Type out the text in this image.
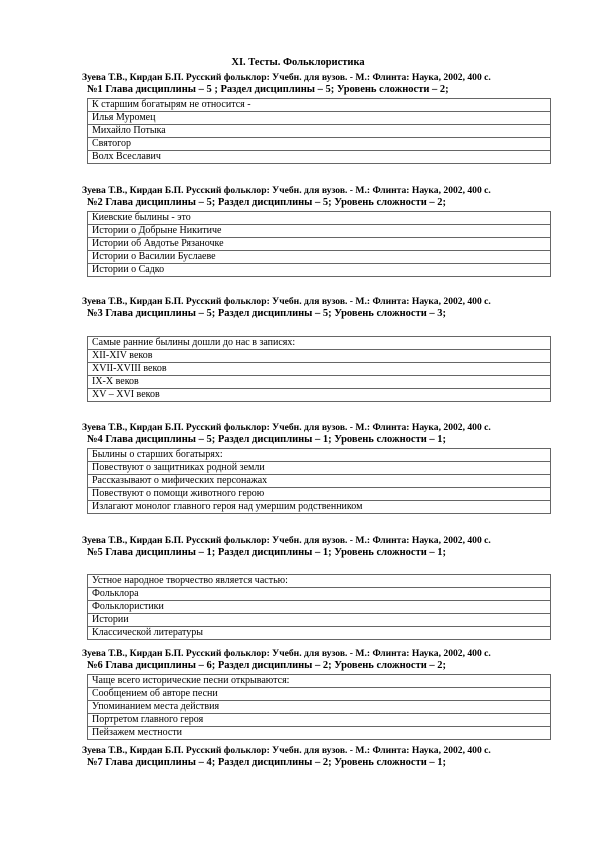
XI. Тесты. Фольклористика
Зуева Т.В., Кирдан Б.П. Русский фольклор: Учебн. для вузов. - М.: Флинта: Наука, 2002, 400 с.
№1 Глава дисциплины – 5 ; Раздел дисциплины – 5; Уровень сложности – 2;
К старшим богатырям не относится -
Илья Муромец
Михайло Потыка
Святогор
Волх Всеславич
Зуева Т.В., Кирдан Б.П. Русский фольклор: Учебн. для вузов. - М.: Флинта: Наука, 2002, 400 с.
№2 Глава дисциплины – 5; Раздел дисциплины – 5; Уровень сложности – 2;
Киевские былины - это
Истории о Добрыне Никитиче
Истории об Авдотье Рязаночке
Истории о Василии Буслаеве
Истории о Садко
Зуева Т.В., Кирдан Б.П. Русский фольклор: Учебн. для вузов. - М.: Флинта: Наука, 2002, 400 с.
№3 Глава дисциплины – 5; Раздел дисциплины – 5; Уровень сложности – 3;
Самые ранние былины дошли до нас в записях:
XII-XIV веков
XVII-XVIII веков
IX-X веков
XV – XVI веков
Зуева Т.В., Кирдан Б.П. Русский фольклор: Учебн. для вузов. - М.: Флинта: Наука, 2002, 400 с.
№4 Глава дисциплины – 5; Раздел дисциплины – 1; Уровень сложности – 1;
Былины о старших богатырях:
Повествуют о защитниках родной земли
Рассказывают о мифических персонажах
Повествуют о помощи животного герою
Излагают монолог главного героя над умершим родственником
Зуева Т.В., Кирдан Б.П. Русский фольклор: Учебн. для вузов. - М.: Флинта: Наука, 2002, 400 с.
№5 Глава дисциплины – 1; Раздел дисциплины – 1; Уровень сложности – 1;
Устное народное творчество является частью:
Фольклора
Фольклористики
Истории
Классической литературы
Зуева Т.В., Кирдан Б.П. Русский фольклор: Учебн. для вузов. - М.: Флинта: Наука, 2002, 400 с.
№6 Глава дисциплины – 6; Раздел дисциплины – 2; Уровень сложности – 2;
Чаще всего исторические песни открываются:
Сообщением об авторе песни
Упоминанием места действия
Портретом главного героя
Пейзажем местности
Зуева Т.В., Кирдан Б.П. Русский фольклор: Учебн. для вузов. - М.: Флинта: Наука, 2002, 400 с.
№7 Глава дисциплины – 4; Раздел дисциплины – 2; Уровень сложности – 1;
